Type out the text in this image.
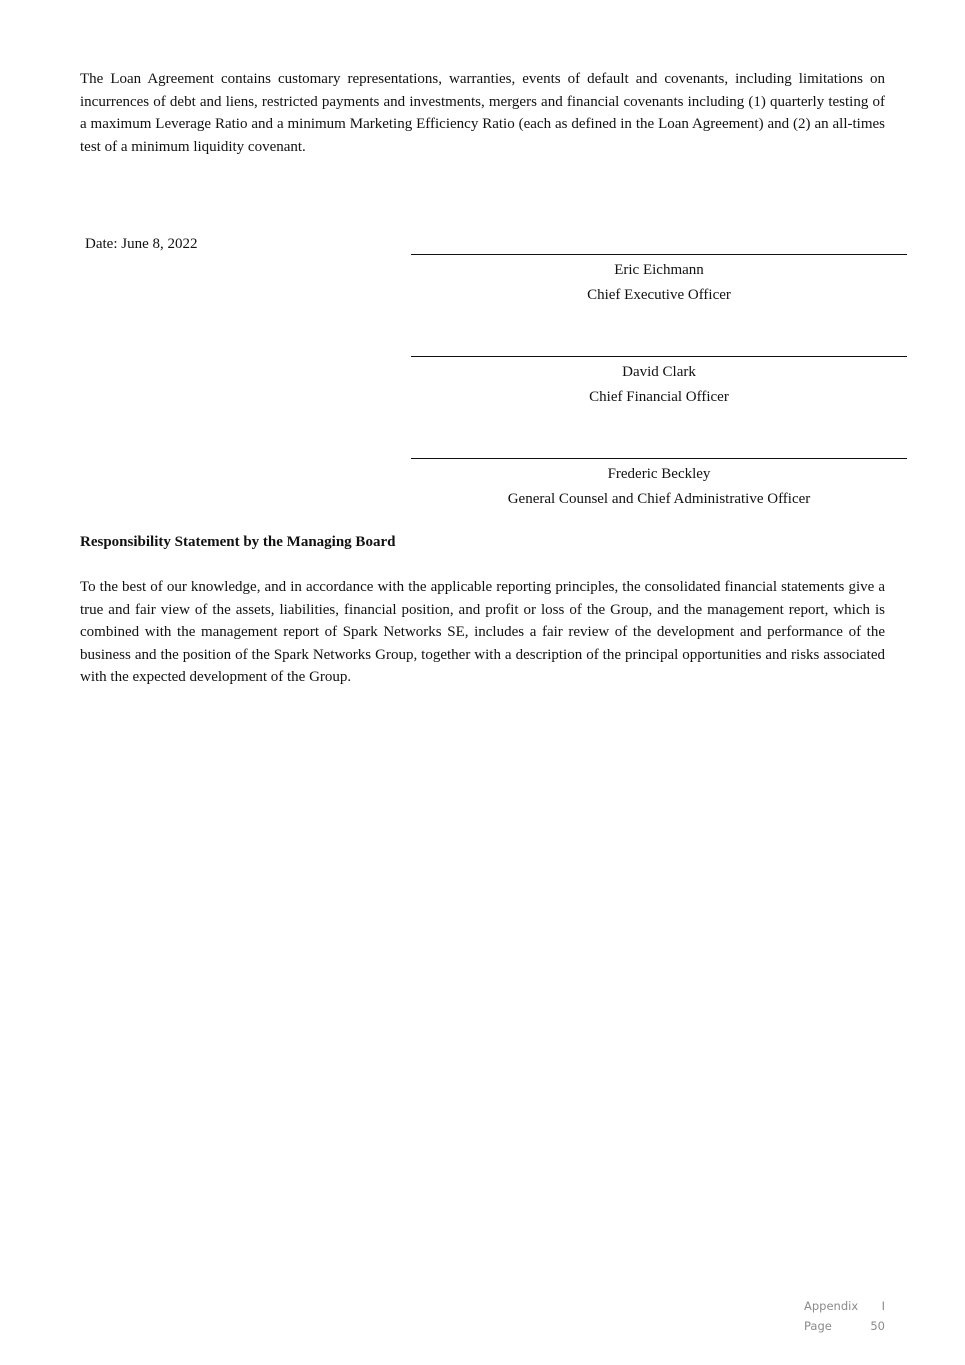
The Loan Agreement contains customary representations, warranties, events of default and covenants, including limitations on incurrences of debt and liens, restricted payments and investments, mergers and financial covenants including (1) quarterly testing of a maximum Leverage Ratio and a minimum Marketing Efficiency Ratio (each as defined in the Loan Agreement) and (2) an all-times test of a minimum liquidity covenant.

Date: June 8, 2022
Eric Eichmann
Chief Executive Officer
David Clark
Chief Financial Officer
Frederic Beckley
General Counsel and Chief Administrative Officer
Responsibility Statement by the Managing Board

To the best of our knowledge, and in accordance with the applicable reporting principles, the consolidated financial statements give a true and fair view of the assets, liabilities, financial position, and profit or loss of the Group, and the management report, which is combined with the management report of Spark Networks SE, includes a fair review of the development and performance of the business and the position of the Spark Networks Group, together with a description of the principal opportunities and risks associated with the expected development of the Group.

Appendix I
Page	50
